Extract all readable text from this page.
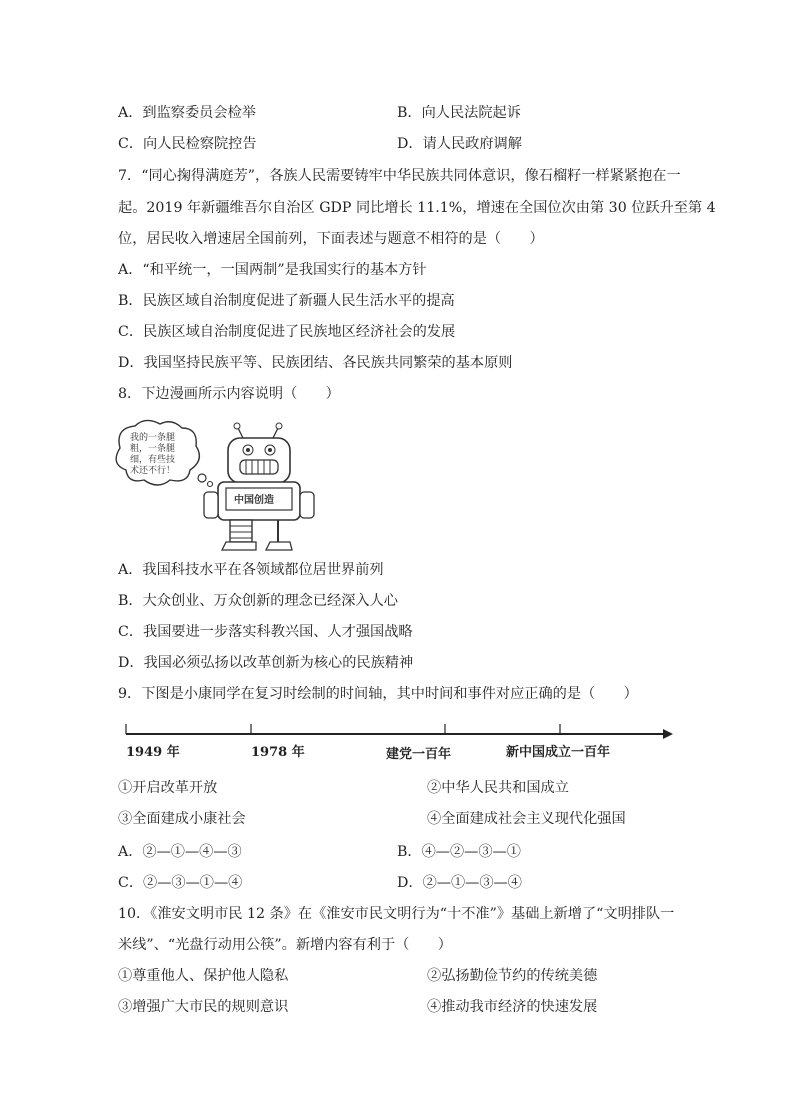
A．到监察委员会检举	B．向人民法院起诉
C．向人民检察院控告	D．请人民政府调解
7．“同心掬得满庭芳”，各族人民需要铸牢中华民族共同体意识，像石榴籽一样紧紧抱在一
起。2019 年新疆维吾尔自治区 GDP 同比增长 11.1%，增速在全国位次由第 30 位跃升至第 4
位，居民收入增速居全国前列，下面表述与题意不相符的是（　　）
A．“和平统一，一国两制”是我国实行的基本方针
B．民族区域自治制度促进了新疆人民生活水平的提高
C．民族区域自治制度促进了民族地区经济社会的发展
D．我国坚持民族平等、民族团结、各民族共同繁荣的基本原则
8．下边漫画所示内容说明（　　）
我的一条腿
粗，一条腿
细，有些技
术还不行！
中国创造
A．我国科技水平在各领域都位居世界前列
B．大众创业、万众创新的理念已经深入人心
C．我国要进一步落实科教兴国、人才强国战略
D．我国必须弘扬以改革创新为核心的民族精神
9．下图是小康同学在复习时绘制的时间轴，其中时间和事件对应正确的是（　　）
1949 年	1978 年	建党一百年	新中国成立一百年
①开启改革开放	②中华人民共和国成立
③全面建成小康社会	④全面建成社会主义现代化强国
A．②—①—④—③	B．④—②—③—①
C．②—③—①—④	D．②—①—③—④
10．《淮安文明市民 12 条》在《淮安市民文明行为“十不准”》基础上新增了“文明排队一
米线”、“光盘行动用公筷”。新增内容有利于（　　）
①尊重他人、保护他人隐私	②弘扬勤俭节约的传统美德
③增强广大市民的规则意识	④推动我市经济的快速发展
